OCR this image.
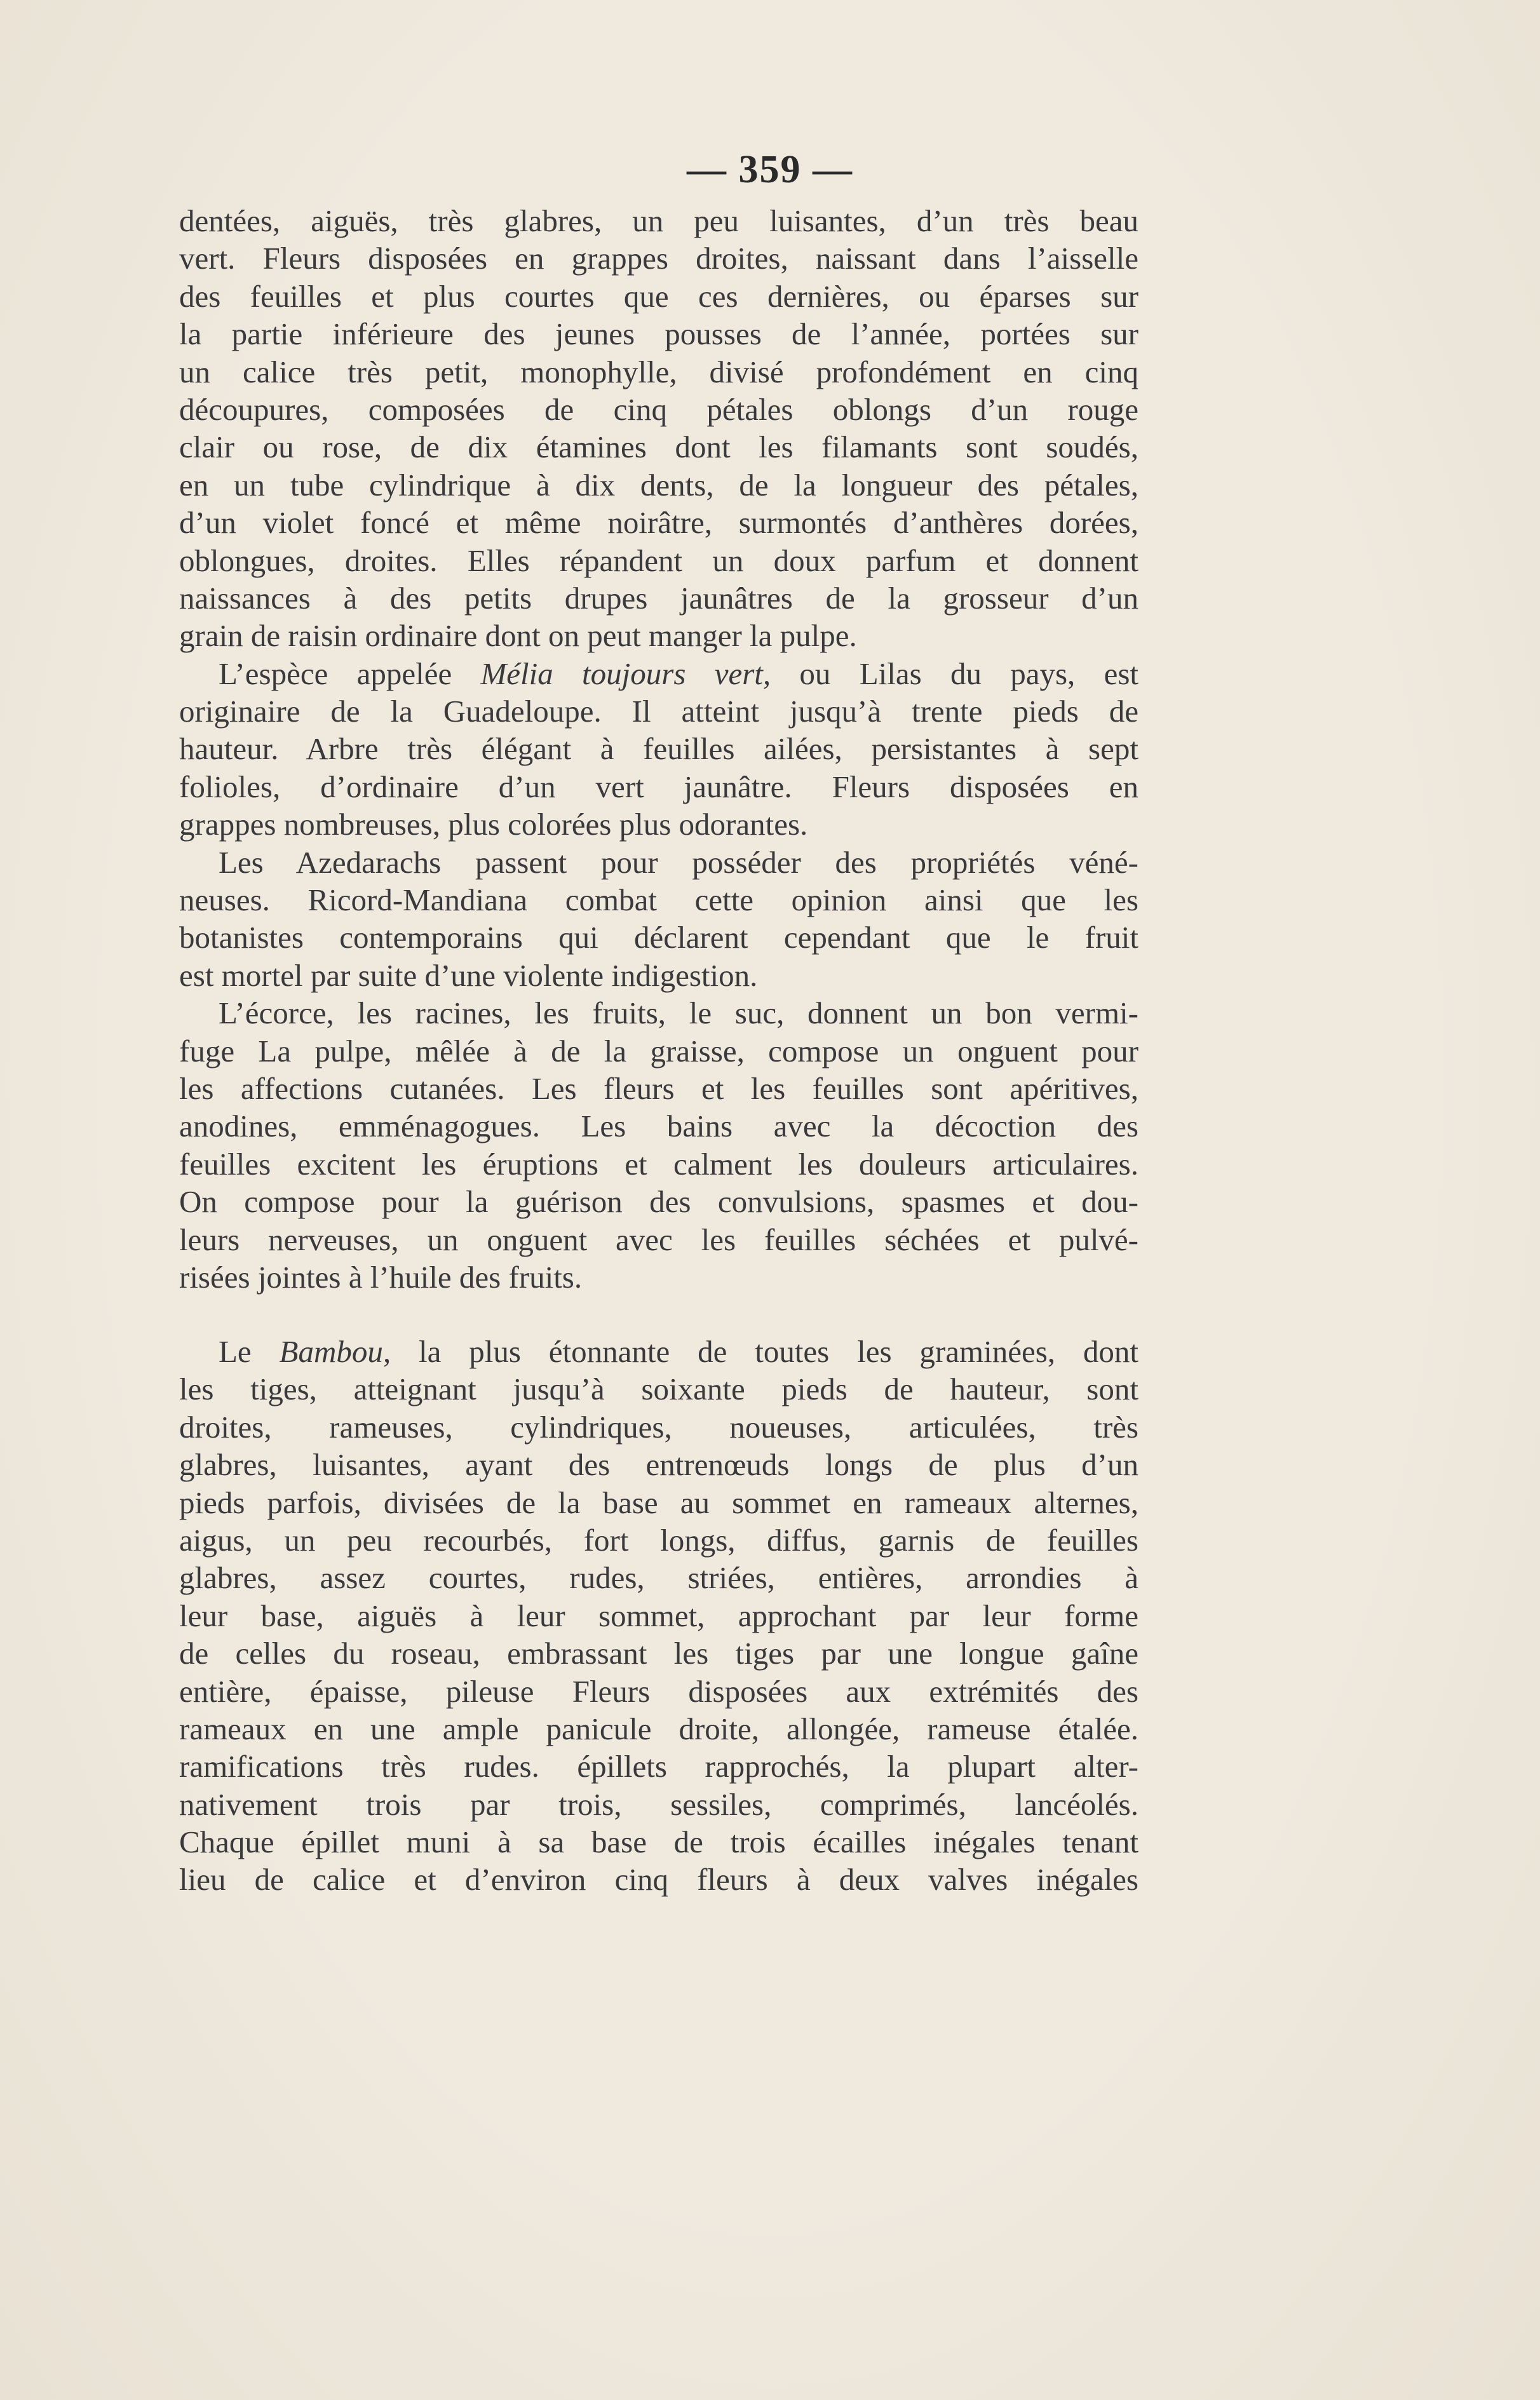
— 359 —
dentées, aiguës, très glabres, un peu luisantes, d’un très beau
vert. Fleurs disposées en grappes droites, naissant dans l’aisselle
des feuilles et plus courtes que ces dernières, ou éparses sur
la partie inférieure des jeunes pousses de l’année, portées sur
un calice très petit, monophylle, divisé profondément en cinq
découpures, composées de cinq pétales oblongs d’un rouge
clair ou rose, de dix étamines dont les filamants sont soudés,
en un tube cylindrique à dix dents, de la longueur des pétales,
d’un violet foncé et même noirâtre, surmontés d’anthères dorées,
oblongues, droites. Elles répandent un doux parfum et donnent
naissances à des petits drupes jaunâtres de la grosseur d’un
grain de raisin ordinaire dont on peut manger la pulpe.
L’espèce appelée Mélia toujours vert, ou Lilas du pays, est
originaire de la Guadeloupe. Il atteint jusqu’à trente pieds de
hauteur. Arbre très élégant à feuilles ailées, persistantes à sept
folioles, d’ordinaire d’un vert jaunâtre. Fleurs disposées en
grappes nombreuses, plus colorées plus odorantes.
Les Azedarachs passent pour posséder des propriétés véné-
neuses. Ricord-Mandiana combat cette opinion ainsi que les
botanistes contemporains qui déclarent cependant que le fruit
est mortel par suite d’une violente indigestion.
L’écorce, les racines, les fruits, le suc, donnent un bon vermi-
fuge La pulpe, mêlée à de la graisse, compose un onguent pour
les affections cutanées. Les fleurs et les feuilles sont apéritives,
anodines, emménagogues. Les bains avec la décoction des
feuilles excitent les éruptions et calment les douleurs articulaires.
On compose pour la guérison des convulsions, spasmes et dou-
leurs nerveuses, un onguent avec les feuilles séchées et pulvé-
risées jointes à l’huile des fruits.
Le Bambou, la plus étonnante de toutes les graminées, dont
les tiges, atteignant jusqu’à soixante pieds de hauteur, sont
droites, rameuses, cylindriques, noueuses, articulées, très
glabres, luisantes, ayant des entrenœuds longs de plus d’un
pieds parfois, divisées de la base au sommet en rameaux alternes,
aigus, un peu recourbés, fort longs, diffus, garnis de feuilles
glabres, assez courtes, rudes, striées, entières, arrondies à
leur base, aiguës à leur sommet, approchant par leur forme
de celles du roseau, embrassant les tiges par une longue gaîne
entière, épaisse, pileuse Fleurs disposées aux extrémités des
rameaux en une ample panicule droite, allongée, rameuse étalée.
ramifications très rudes. épillets rapprochés, la plupart alter-
nativement trois par trois, sessiles, comprimés, lancéolés.
Chaque épillet muni à sa base de trois écailles inégales tenant
lieu de calice et d’environ cinq fleurs à deux valves inégales
